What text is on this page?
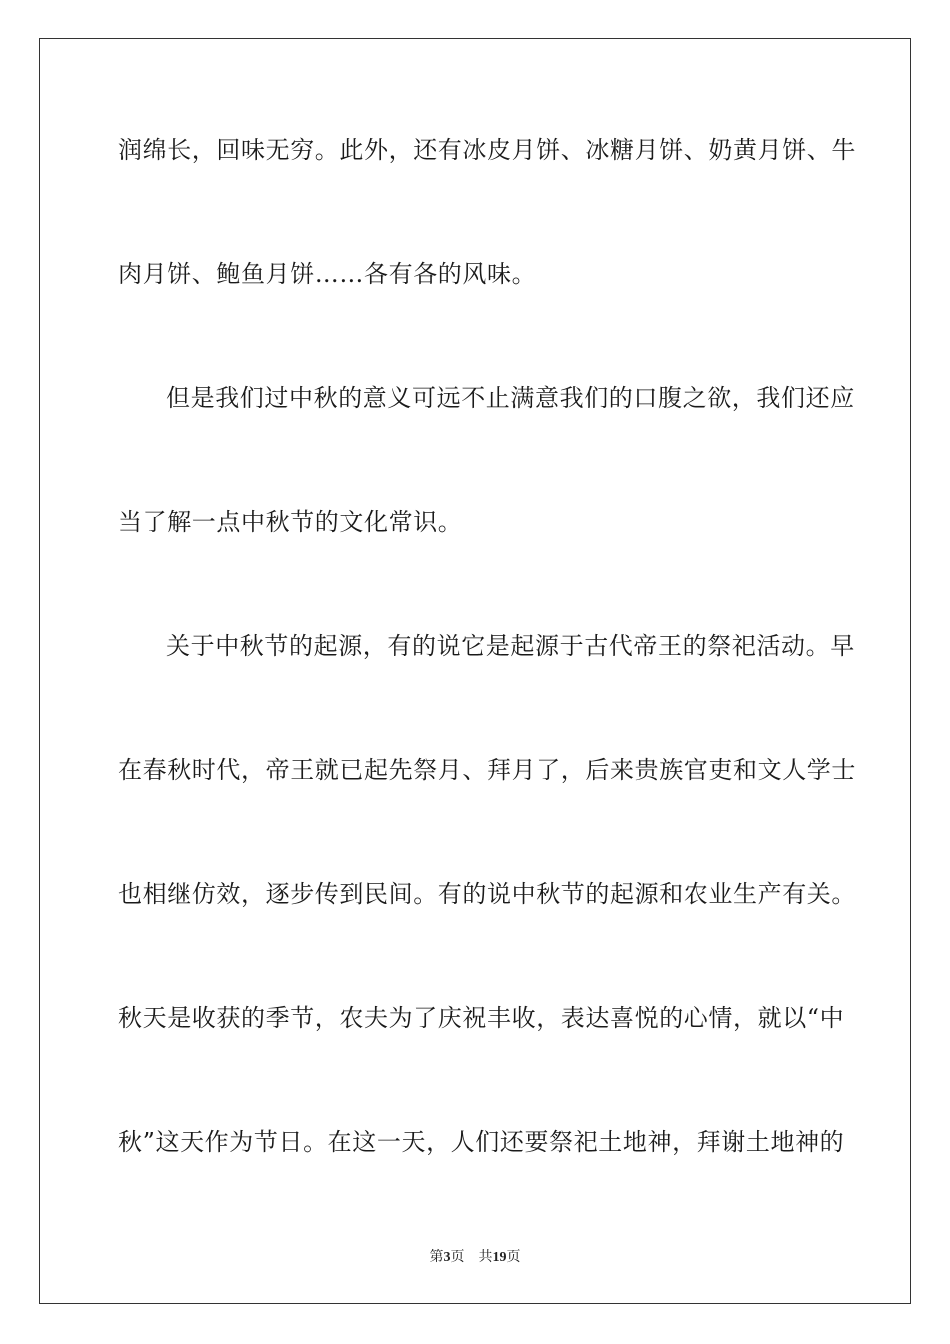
润绵长，回味无穷。此外，还有冰皮月饼、冰糖月饼、奶黄月饼、牛
肉月饼、鲍鱼月饼……各有各的风味。
但是我们过中秋的意义可远不止满意我们的口腹之欲，我们还应
当了解一点中秋节的文化常识。
关于中秋节的起源，有的说它是起源于古代帝王的祭祀活动。早
在春秋时代，帝王就已起先祭月、拜月了，后来贵族官吏和文人学士
也相继仿效，逐步传到民间。有的说中秋节的起源和农业生产有关。
秋天是收获的季节，农夫为了庆祝丰收，表达喜悦的心情，就以“中
秋”这天作为节日。在这一天，人们还要祭祀土地神，拜谢土地神的
第3页 共19页
